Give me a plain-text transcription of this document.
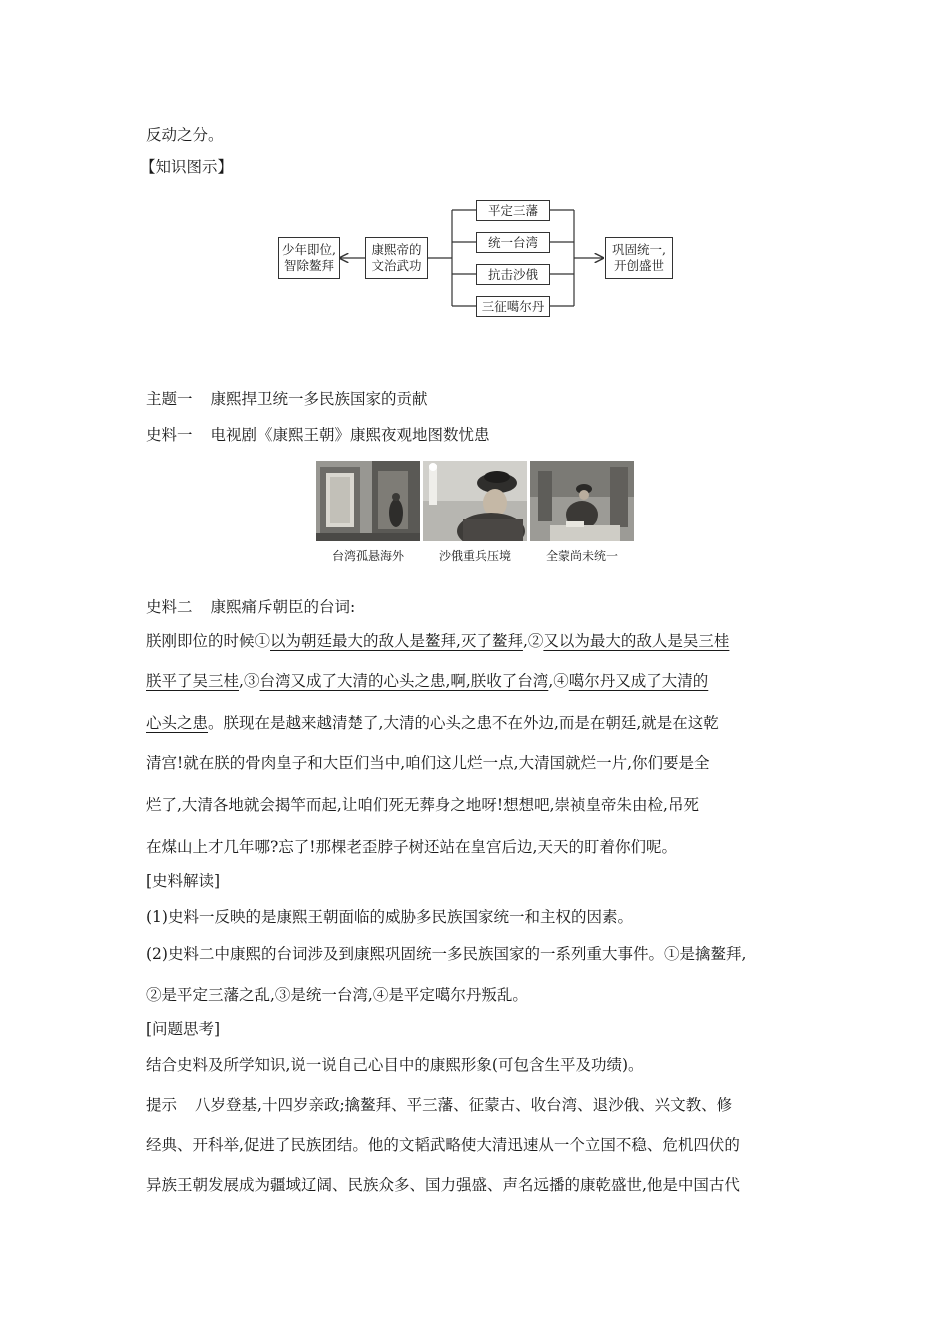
反动之分。
【知识图示】
少年即位,
智除鳌拜
康熙帝的
文治武功
平定三藩
统一台湾
抗击沙俄
三征噶尔丹
巩固统一,
开创盛世
主题一 康熙捍卫统一多民族国家的贡献
史料一 电视剧《康熙王朝》康熙夜观地图数忧患
台湾孤悬海外	沙俄重兵压境	全蒙尚未统一
史料二 康熙痛斥朝臣的台词:
朕刚即位的时候①以为朝廷最大的敌人是鳌拜,灭了鳌拜,②又以为最大的敌人是吴三桂
朕平了吴三桂,③台湾又成了大清的心头之患,啊,朕收了台湾,④噶尔丹又成了大清的
心头之患。朕现在是越来越清楚了,大清的心头之患不在外边,而是在朝廷,就是在这乾
清宫!就在朕的骨肉皇子和大臣们当中,咱们这儿烂一点,大清国就烂一片,你们要是全
烂了,大清各地就会揭竿而起,让咱们死无葬身之地呀!想想吧,崇祯皇帝朱由检,吊死
在煤山上才几年哪?忘了!那棵老歪脖子树还站在皇宫后边,天天的盯着你们呢。
[史料解读]
(1)史料一反映的是康熙王朝面临的威胁多民族国家统一和主权的因素。
(2)史料二中康熙的台词涉及到康熙巩固统一多民族国家的一系列重大事件。①是擒鳌拜,
②是平定三藩之乱,③是统一台湾,④是平定噶尔丹叛乱。
[问题思考]
结合史料及所学知识,说一说自己心目中的康熙形象(可包含生平及功绩)。
提示 八岁登基,十四岁亲政;擒鳌拜、平三藩、征蒙古、收台湾、退沙俄、兴文教、修
经典、开科举,促进了民族团结。他的文韬武略使大清迅速从一个立国不稳、危机四伏的
异族王朝发展成为疆域辽阔、民族众多、国力强盛、声名远播的康乾盛世,他是中国古代
